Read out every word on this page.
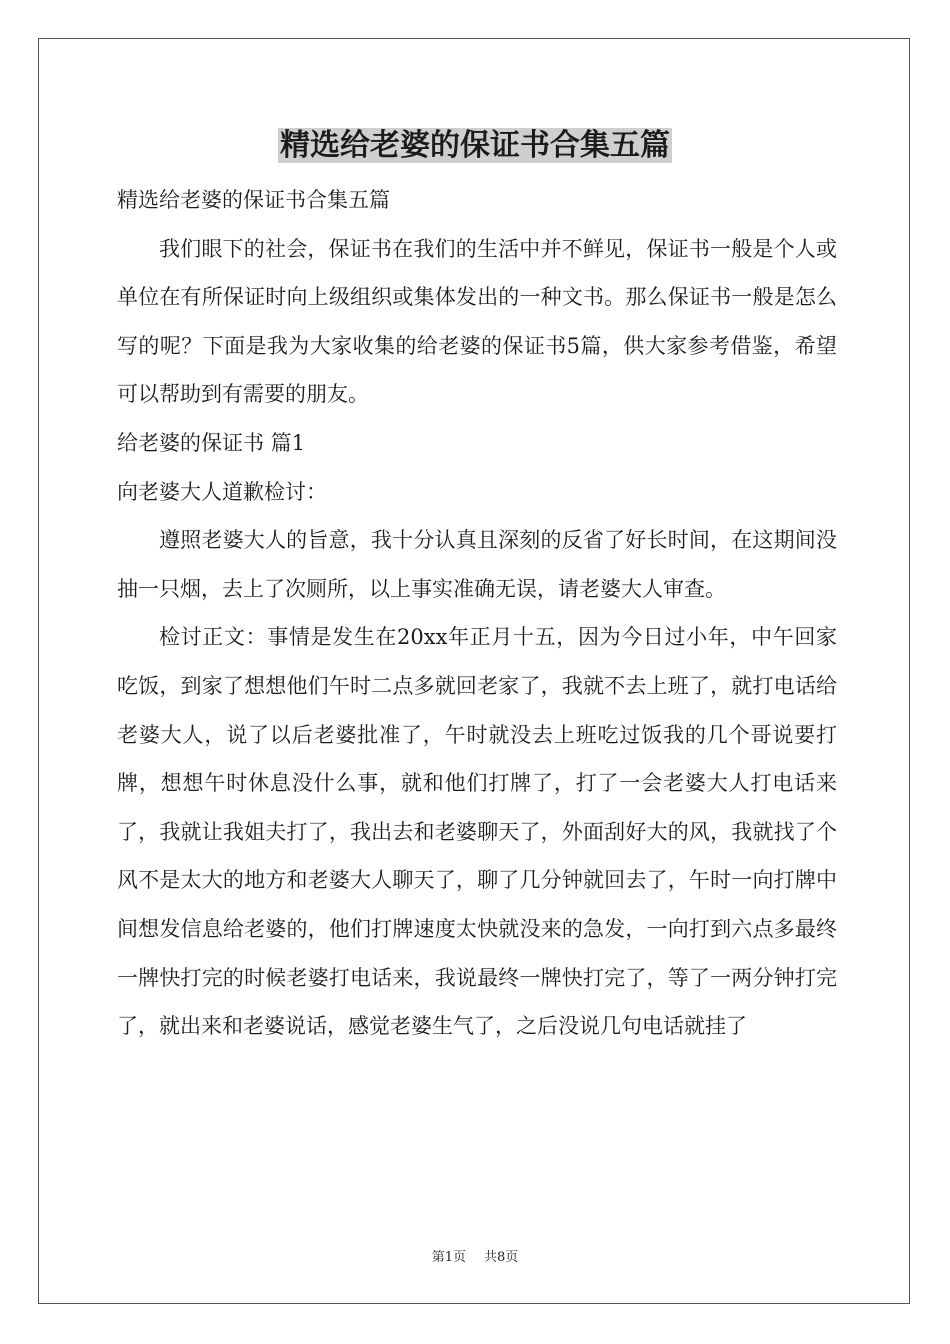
精选给老婆的保证书合集五篇

精选给老婆的保证书合集五篇

我们眼下的社会，保证书在我们的生活中并不鲜见，保证书一般是个人或单位在有所保证时向上级组织或集体发出的一种文书。那么保证书一般是怎么写的呢？下面是我为大家收集的给老婆的保证书5篇，供大家参考借鉴，希望可以帮助到有需要的朋友。

给老婆的保证书 篇1

向老婆大人道歉检讨：

遵照老婆大人的旨意，我十分认真且深刻的反省了好长时间，在这期间没抽一只烟，去上了次厕所，以上事实准确无误，请老婆大人审查。

检讨正文：事情是发生在20xx年正月十五，因为今日过小年，中午回家吃饭，到家了想想他们午时二点多就回老家了，我就不去上班了，就打电话给老婆大人，说了以后老婆批准了，午时就没去上班吃过饭我的几个哥说要打牌，想想午时休息没什么事，就和他们打牌了，打了一会老婆大人打电话来了，我就让我姐夫打了，我出去和老婆聊天了，外面刮好大的风，我就找了个风不是太大的地方和老婆大人聊天了，聊了几分钟就回去了，午时一向打牌中间想发信息给老婆的，他们打牌速度太快就没来的急发，一向打到六点多最终一牌快打完的时候老婆打电话来，我说最终一牌快打完了，等了一两分钟打完了，就出来和老婆说话，感觉老婆生气了，之后没说几句电话就挂了

第1页 共8页
